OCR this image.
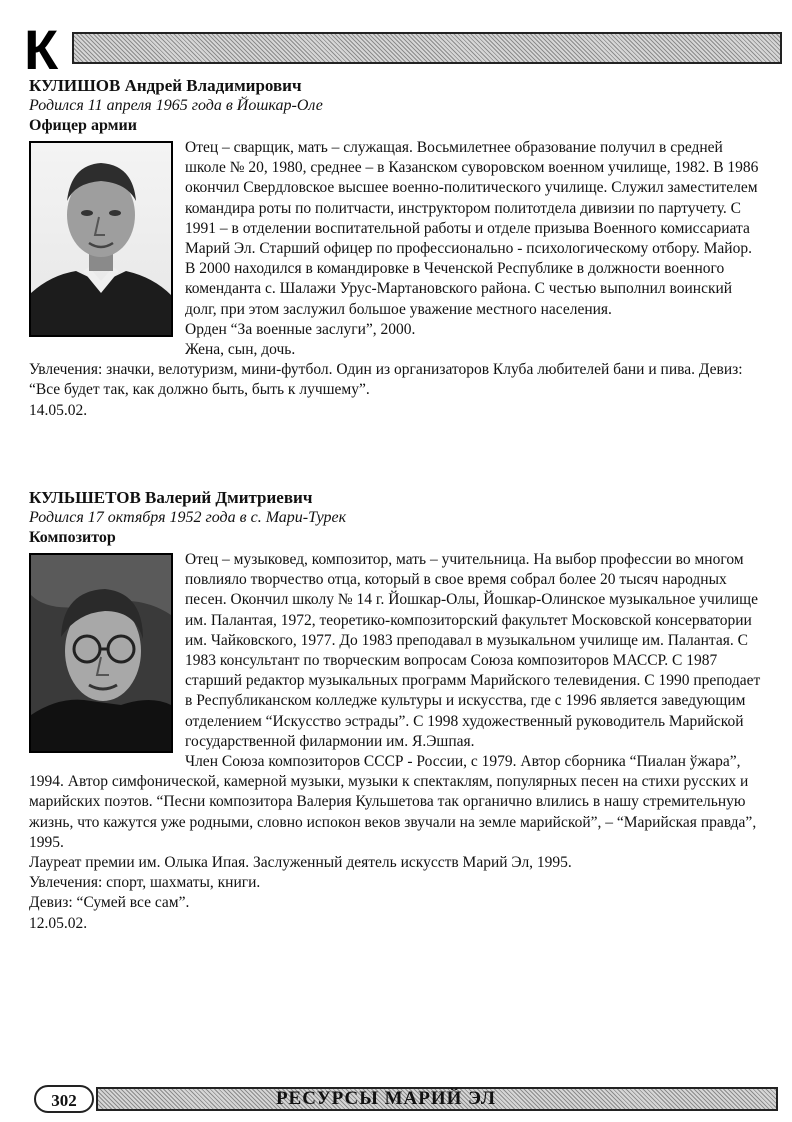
К

КУЛИШОВ Андрей Владимирович

Родился 11 апреля 1965 года в Йошкар-Оле

Офицер армии

Отец – сварщик, мать – служащая. Восьмилетнее образование получил в средней школе № 20, 1980, среднее – в Казанском суворовском военном училище, 1982. В 1986 окончил Свердловское высшее военно-политического училище. Служил заместителем командира роты по политчасти, инструктором политотдела дивизии по партучету. С 1991 – в отделении воспитательной работы и отделе призыва Военного комиссариата Марий Эл. Старший офицер по профессионально - психологическому отбору. Майор.
В 2000 находился в командировке в Чеченской Республике в должности военного коменданта с. Шалажи Урус-Мартановского района. С честью выполнил воинский долг, при этом заслужил большое уважение местного населения.
Орден “За военные заслуги”, 2000.
Жена, сын, дочь.
Увлечения: значки, велотуризм, мини-футбол. Один из организаторов Клуба любителей бани и пива. Девиз: “Все будет так, как должно быть, быть к лучшему”.
14.05.02.

КУЛЬШЕТОВ Валерий Дмитриевич

Родился 17 октября 1952 года в с. Мари-Турек

Композитор

Отец – музыковед, композитор, мать – учительница. На выбор профессии во многом повлияло творчество отца, который в свое время собрал более 20 тысяч народных песен. Окончил школу № 14 г. Йошкар-Олы, Йошкар-Олинское музыкальное училище им. Палантая, 1972, теоретико-композиторский факультет Московской консерватории им. Чайковского, 1977. До 1983 преподавал в музыкальном училище им. Палантая. С 1983 консультант по творческим вопросам Союза композиторов МАССР. С 1987 старший редактор музыкальных программ Марийского телевидения. С 1990 преподает в Республиканском колледже культуры и искусства, где с 1996 является заведующим отделением “Искусство эстрады”. С 1998 художественный руководитель Марийской государственной филармонии им. Я.Эшпая.
Член Союза композиторов СССР - России, с 1979. Автор сборника “Пиалан ўжара”, 1994. Автор симфонической, камерной музыки, музыки к спектаклям, популярных песен на стихи русских и марийских поэтов. “Песни композитора Валерия Кульшетова так органично влились в нашу стремительную жизнь, что кажутся уже родными, словно испокон веков звучали на земле марийской”, – “Марийская правда”, 1995.
Лауреат премии им. Олыка Ипая. Заслуженный деятель искусств Марий Эл, 1995.
Увлечения: спорт, шахматы, книги.
Девиз: “Сумей все сам”.
12.05.02.
302	РЕСУРСЫ МАРИЙ ЭЛ
